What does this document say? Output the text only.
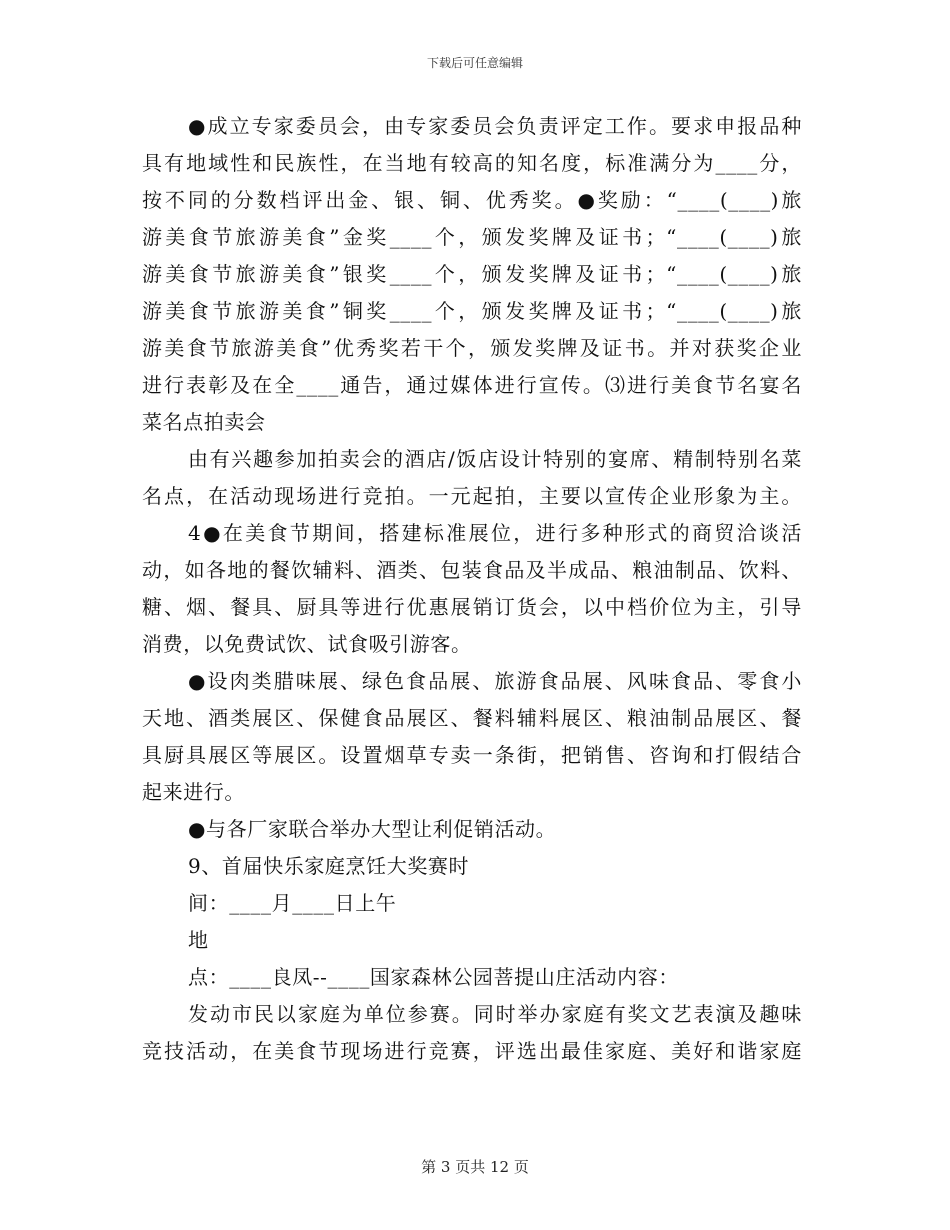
下载后可任意编辑
●成立专家委员会，由专家委员会负责评定工作。要求申报品种
具有地域性和民族性，在当地有较高的知名度，标准满分为____分，
按不同的分数档评出金、银、铜、优秀奖。●奖励：“____(____)旅
游美食节旅游美食”金奖____个，颁发奖牌及证书；“____(____)旅
游美食节旅游美食”银奖____个，颁发奖牌及证书；“____(____)旅
游美食节旅游美食”铜奖____个，颁发奖牌及证书；“____(____)旅
游美食节旅游美食”优秀奖若干个，颁发奖牌及证书。并对获奖企业
进行表彰及在全____通告，通过媒体进行宣传。⑶进行美食节名宴名
菜名点拍卖会
由有兴趣参加拍卖会的酒店/饭店设计特别的宴席、精制特别名菜
名点，在活动现场进行竞拍。一元起拍，主要以宣传企业形象为主。
4●在美食节期间，搭建标准展位，进行多种形式的商贸洽谈活
动，如各地的餐饮辅料、酒类、包装食品及半成品、粮油制品、饮料、
糖、烟、餐具、厨具等进行优惠展销订货会，以中档价位为主，引导
消费，以免费试饮、试食吸引游客。
●设肉类腊味展、绿色食品展、旅游食品展、风味食品、零食小
天地、酒类展区、保健食品展区、餐料辅料展区、粮油制品展区、餐
具厨具展区等展区。设置烟草专卖一条街，把销售、咨询和打假结合
起来进行。
●与各厂家联合举办大型让利促销活动。
9、首届快乐家庭烹饪大奖赛时
间：____月____日上午
地
点：____良凤--____国家森林公园菩提山庄活动内容：
发动市民以家庭为单位参赛。同时举办家庭有奖文艺表演及趣味
竞技活动，在美食节现场进行竞赛，评选出最佳家庭、美好和谐家庭
第 3 页共 12 页
